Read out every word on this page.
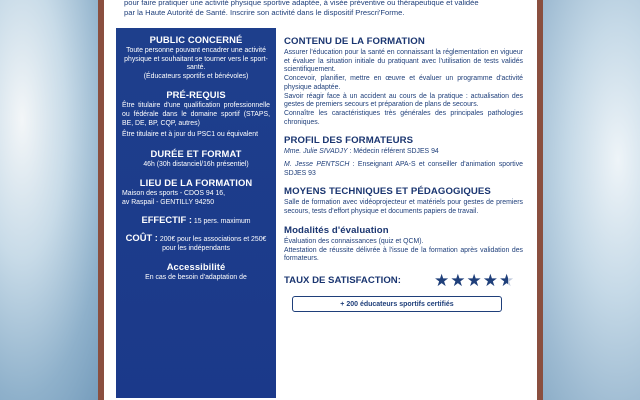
pour faire pratiquer une activité physique sportive adaptée, à visée préventive ou thérapeutique et validée
par la Haute Autorité de Santé. Inscrire son activité dans le dispositif Prescri'Forme.

PUBLIC CONCERNÉ
Toute personne pouvant encadrer une activité physique et souhaitant se tourner vers le sport-santé.
(Éducateurs sportifs et bénévoles)
PRÉ-REQUIS
Être titulaire d'une qualification professionnelle ou fédérale dans le domaine sportif (STAPS, BE, DE, BP, CQP, autres)
Être titulaire et à jour du PSC1 ou équivalent
DURÉE ET FORMAT
46h (30h distanciel/16h présentiel)
LIEU DE LA FORMATION
Maison des sports - CDOS 94 16,
av Raspail - GENTILLY 94250
EFFECTIF : 15 pers. maximum
COÛT : 200€ pour les associations et 250€ pour les indépendants
Accessibilité
En cas de besoin d'adaptation de
CONTENU DE LA FORMATION
Assurer l'éducation pour la santé en connaissant la réglementation en vigueur et évaluer la situation initiale du pratiquant avec l'utilisation de tests validés scientifiquement.
Concevoir, planifier, mettre en œuvre et évaluer un programme d'activité physique adaptée.
Savoir réagir face à un accident au cours de la pratique : actualisation des gestes de premiers secours et préparation de plans de secours.
Connaître les caractéristiques très générales des principales pathologies chroniques.
PROFIL DES FORMATEURS
Mme. Julie SIVADJY : Médecin référent SDJES 94
M. Jesse PENTSCH : Enseignant APA-S et conseiller d'animation sportive SDJES 93
MOYENS TECHNIQUES ET PÉDAGOGIQUES
Salle de formation avec vidéoprojecteur et matériels pour gestes de premiers secours, tests d'effort physique et documents papiers de travail.
Modalités d'évaluation
Évaluation des connaissances (quiz et QCM).
Attestation de réussite délivrée à l'issue de la formation après validation des formateurs.
TAUX DE SATISFACTION:	★ ★ ★ ★ ★
+ 200 éducateurs sportifs certifiés
